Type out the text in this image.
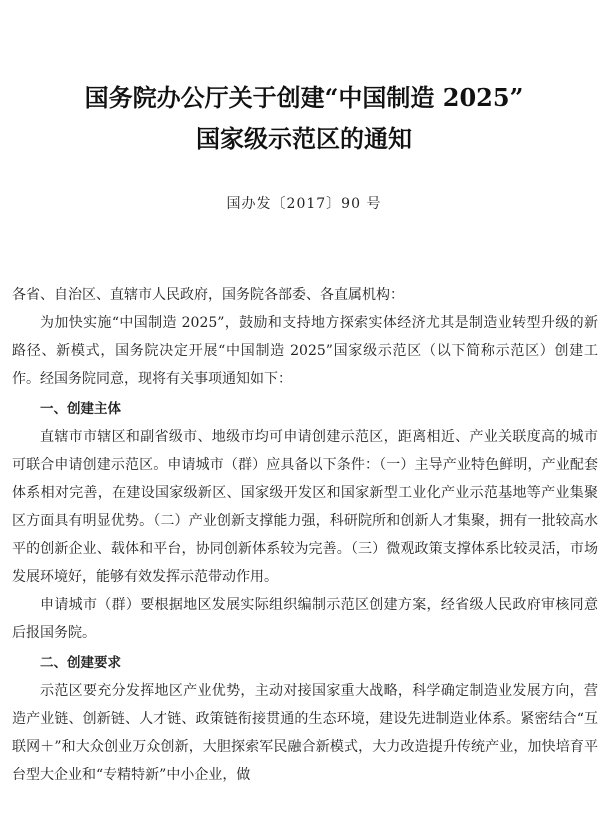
国务院办公厅关于创建“中国制造 2025”
国家级示范区的通知
国办发〔2017〕90 号

各省、自治区、直辖市人民政府，国务院各部委、各直属机构：

为加快实施“中国制造 2025”，鼓励和支持地方探索实体经济尤其是制造业转型升级的新路径、新模式，国务院决定开展“中国制造 2025”国家级示范区（以下简称示范区）创建工作。经国务院同意，现将有关事项通知如下：

一、创建主体

直辖市市辖区和副省级市、地级市均可申请创建示范区，距离相近、产业关联度高的城市可联合申请创建示范区。申请城市（群）应具备以下条件：（一）主导产业特色鲜明，产业配套体系相对完善，在建设国家级新区、国家级开发区和国家新型工业化产业示范基地等产业集聚区方面具有明显优势。（二）产业创新支撑能力强，科研院所和创新人才集聚，拥有一批较高水平的创新企业、载体和平台，协同创新体系较为完善。（三）微观政策支撑体系比较灵活，市场发展环境好，能够有效发挥示范带动作用。

申请城市（群）要根据地区发展实际组织编制示范区创建方案，经省级人民政府审核同意后报国务院。

二、创建要求

示范区要充分发挥地区产业优势，主动对接国家重大战略，科学确定制造业发展方向，营造产业链、创新链、人才链、政策链衔接贯通的生态环境，建设先进制造业体系。紧密结合“互联网＋”和大众创业万众创新，大胆探索军民融合新模式，大力改造提升传统产业，加快培育平台型大企业和“专精特新”中小企业，做
